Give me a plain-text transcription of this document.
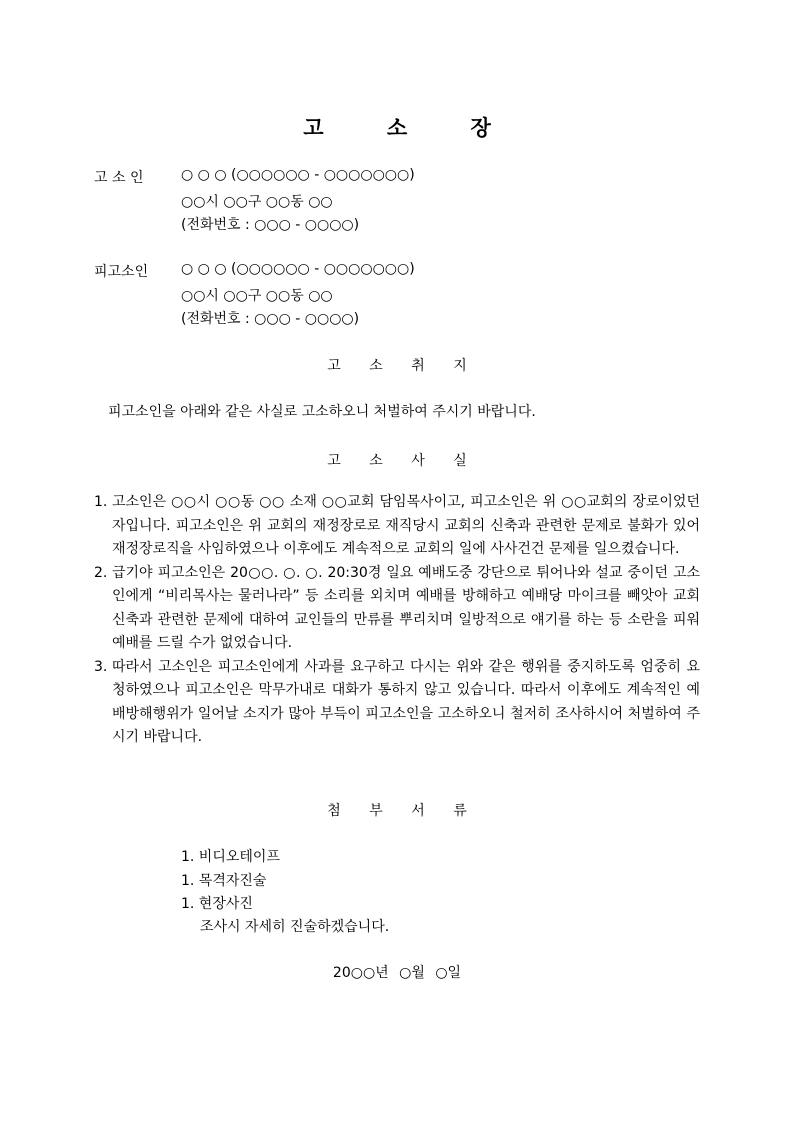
고 소 장
고 소 인	○ ○ ○ (○○○○○○ - ○○○○○○○)
○○시 ○○구 ○○동 ○○
(전화번호 : ○○○ - ○○○○)
피고소인 ○ ○ ○ (○○○○○○ - ○○○○○○○)
○○시 ○○구 ○○동 ○○
(전화번호 : ○○○ - ○○○○)
고 소 취 지
피고소인을 아래와 같은 사실로 고소하오니 처벌하여 주시기 바랍니다.
고 소 사 실
1. 고소인은 ○○시 ○○동 ○○ 소재 ○○교회 담임목사이고, 피고소인은 위 ○○교회의 장로이었던 자입니다. 피고소인은 위 교회의 재정장로로 재직당시 교회의 신축과 관련한 문제로 불화가 있어 재정장로직을 사임하였으나 이후에도 계속적으로 교회의 일에 사사건건 문제를 일으켰습니다.
2. 급기야 피고소인은 20○○. ○. ○. 20:30경 일요 예배도중 강단으로 튀어나와 설교 중이던 고소인에게 “비리목사는 물러나라” 등 소리를 외치며 예배를 방해하고 예배당 마이크를 빼앗아 교회신축과 관련한 문제에 대하여 교인들의 만류를 뿌리치며 일방적으로 얘기를 하는 등 소란을 피워 예배를 드릴 수가 없었습니다.
3. 따라서 고소인은 피고소인에게 사과를 요구하고 다시는 위와 같은 행위를 중지하도록 엄중히 요청하였으나 피고소인은 막무가내로 대화가 통하지 않고 있습니다. 따라서 이후에도 계속적인 예배방해행위가 일어날 소지가 많아 부득이 피고소인을 고소하오니 철저히 조사하시어 처벌하여 주시기 바랍니다.
첨 부 서 류
1. 비디오테이프
1. 목격자진술
1. 현장사진
조사시 자세히 진술하겠습니다.
20○○년 ○월 ○일
